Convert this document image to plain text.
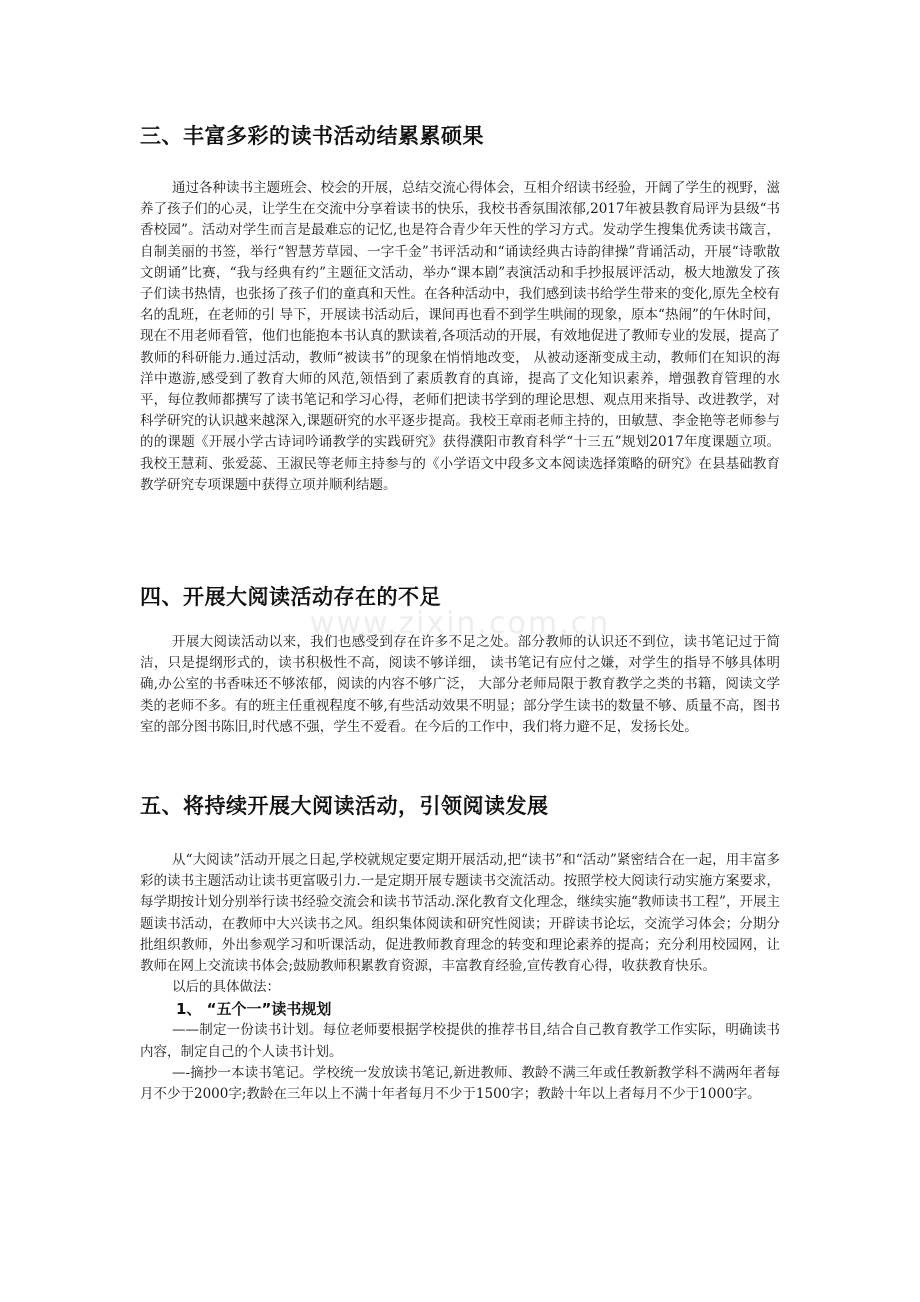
www.zixin.com.cn
三、丰富多彩的读书活动结累累硕果

通过各种读书主题班会、校会的开展，总结交流心得体会，互相介绍读书经验，开阔了学生的视野，滋养了孩子们的心灵，让学生在交流中分享着读书的快乐，我校书香氛围浓郁,2017年被县教育局评为县级“书香校园”。活动对学生而言是最难忘的记忆,也是符合青少年天性的学习方式。发动学生搜集优秀读书箴言，自制美丽的书签，举行“智慧芳草园、一字千金”书评活动和“诵读经典古诗韵律操”背诵活动，开展“诗歌散文朗诵”比赛，“我与经典有约”主题征文活动，举办“课本剧”表演活动和手抄报展评活动，极大地激发了孩子们读书热情，也张扬了孩子们的童真和天性。在各种活动中，我们感到读书给学生带来的变化,原先全校有名的乱班，在老师的引 导下，开展读书活动后，课间再也看不到学生哄闹的现象，原本“热闹”的午休时间，现在不用老师看管，他们也能抱本书认真的默读着,各项活动的开展，有效地促进了教师专业的发展，提高了教师的科研能力.通过活动，教师“被读书”的现象在悄悄地改变， 从被动逐渐变成主动，教师们在知识的海洋中遨游,感受到了教育大师的风范,领悟到了素质教育的真谛，提高了文化知识素养，增强教育管理的水平，每位教师都撰写了读书笔记和学习心得，老师们把读书学到的理论思想、观点用来指导、改进教学，对科学研究的认识越来越深入,课题研究的水平逐步提高。我校王章雨老师主持的，田敏慧、李金艳等老师参与的的课题《开展小学古诗词吟诵教学的实践研究》获得濮阳市教育科学“十三五”规划2017年度课题立项。我校王慧莉、张爱蕊、王淑民等老师主持参与的《小学语文中段多文本阅读选择策略的研究》在县基础教育教学研究专项课题中获得立项并顺利结题。

四、开展大阅读活动存在的不足

开展大阅读活动以来，我们也感受到存在许多不足之处。部分教师的认识还不到位，读书笔记过于简洁，只是提纲形式的，读书积极性不高，阅读不够详细， 读书笔记有应付之嫌，对学生的指导不够具体明确,办公室的书香味还不够浓郁，阅读的内容不够广泛， 大部分老师局限于教育教学之类的书籍，阅读文学类的老师不多。有的班主任重视程度不够,有些活动效果不明显；部分学生读书的数量不够、质量不高，图书室的部分图书陈旧,时代感不强，学生不爱看。在今后的工作中，我们将力避不足，发扬长处。

五、将持续开展大阅读活动，引领阅读发展

从“大阅读”活动开展之日起,学校就规定要定期开展活动,把“读书”和“活动”紧密结合在一起，用丰富多彩的读书主题活动让读书更富吸引力.一是定期开展专题读书交流活动。按照学校大阅读行动实施方案要求，每学期按计划分别举行读书经验交流会和读书节活动.深化教育文化理念，继续实施“教师读书工程”，开展主题读书活动，在教师中大兴读书之风。组织集体阅读和研究性阅读；开辟读书论坛，交流学习体会；分期分批组织教师，外出参观学习和听课活动，促进教师教育理念的转变和理论素养的提高；充分利用校园网，让教师在网上交流读书体会;鼓励教师积累教育资源，丰富教育经验,宣传教育心得，收获教育快乐。

以后的具体做法：

1、 “五个一”读书规划

——制定一份读书计划。每位老师要根据学校提供的推荐书目,结合自己教育教学工作实际，明确读书内容，制定自己的个人读书计划。

—-摘抄一本读书笔记。学校统一发放读书笔记,新进教师、教龄不满三年或任教新教学科不满两年者每月不少于2000字;教龄在三年以上不满十年者每月不少于1500字；教龄十年以上者每月不少于1000字。
